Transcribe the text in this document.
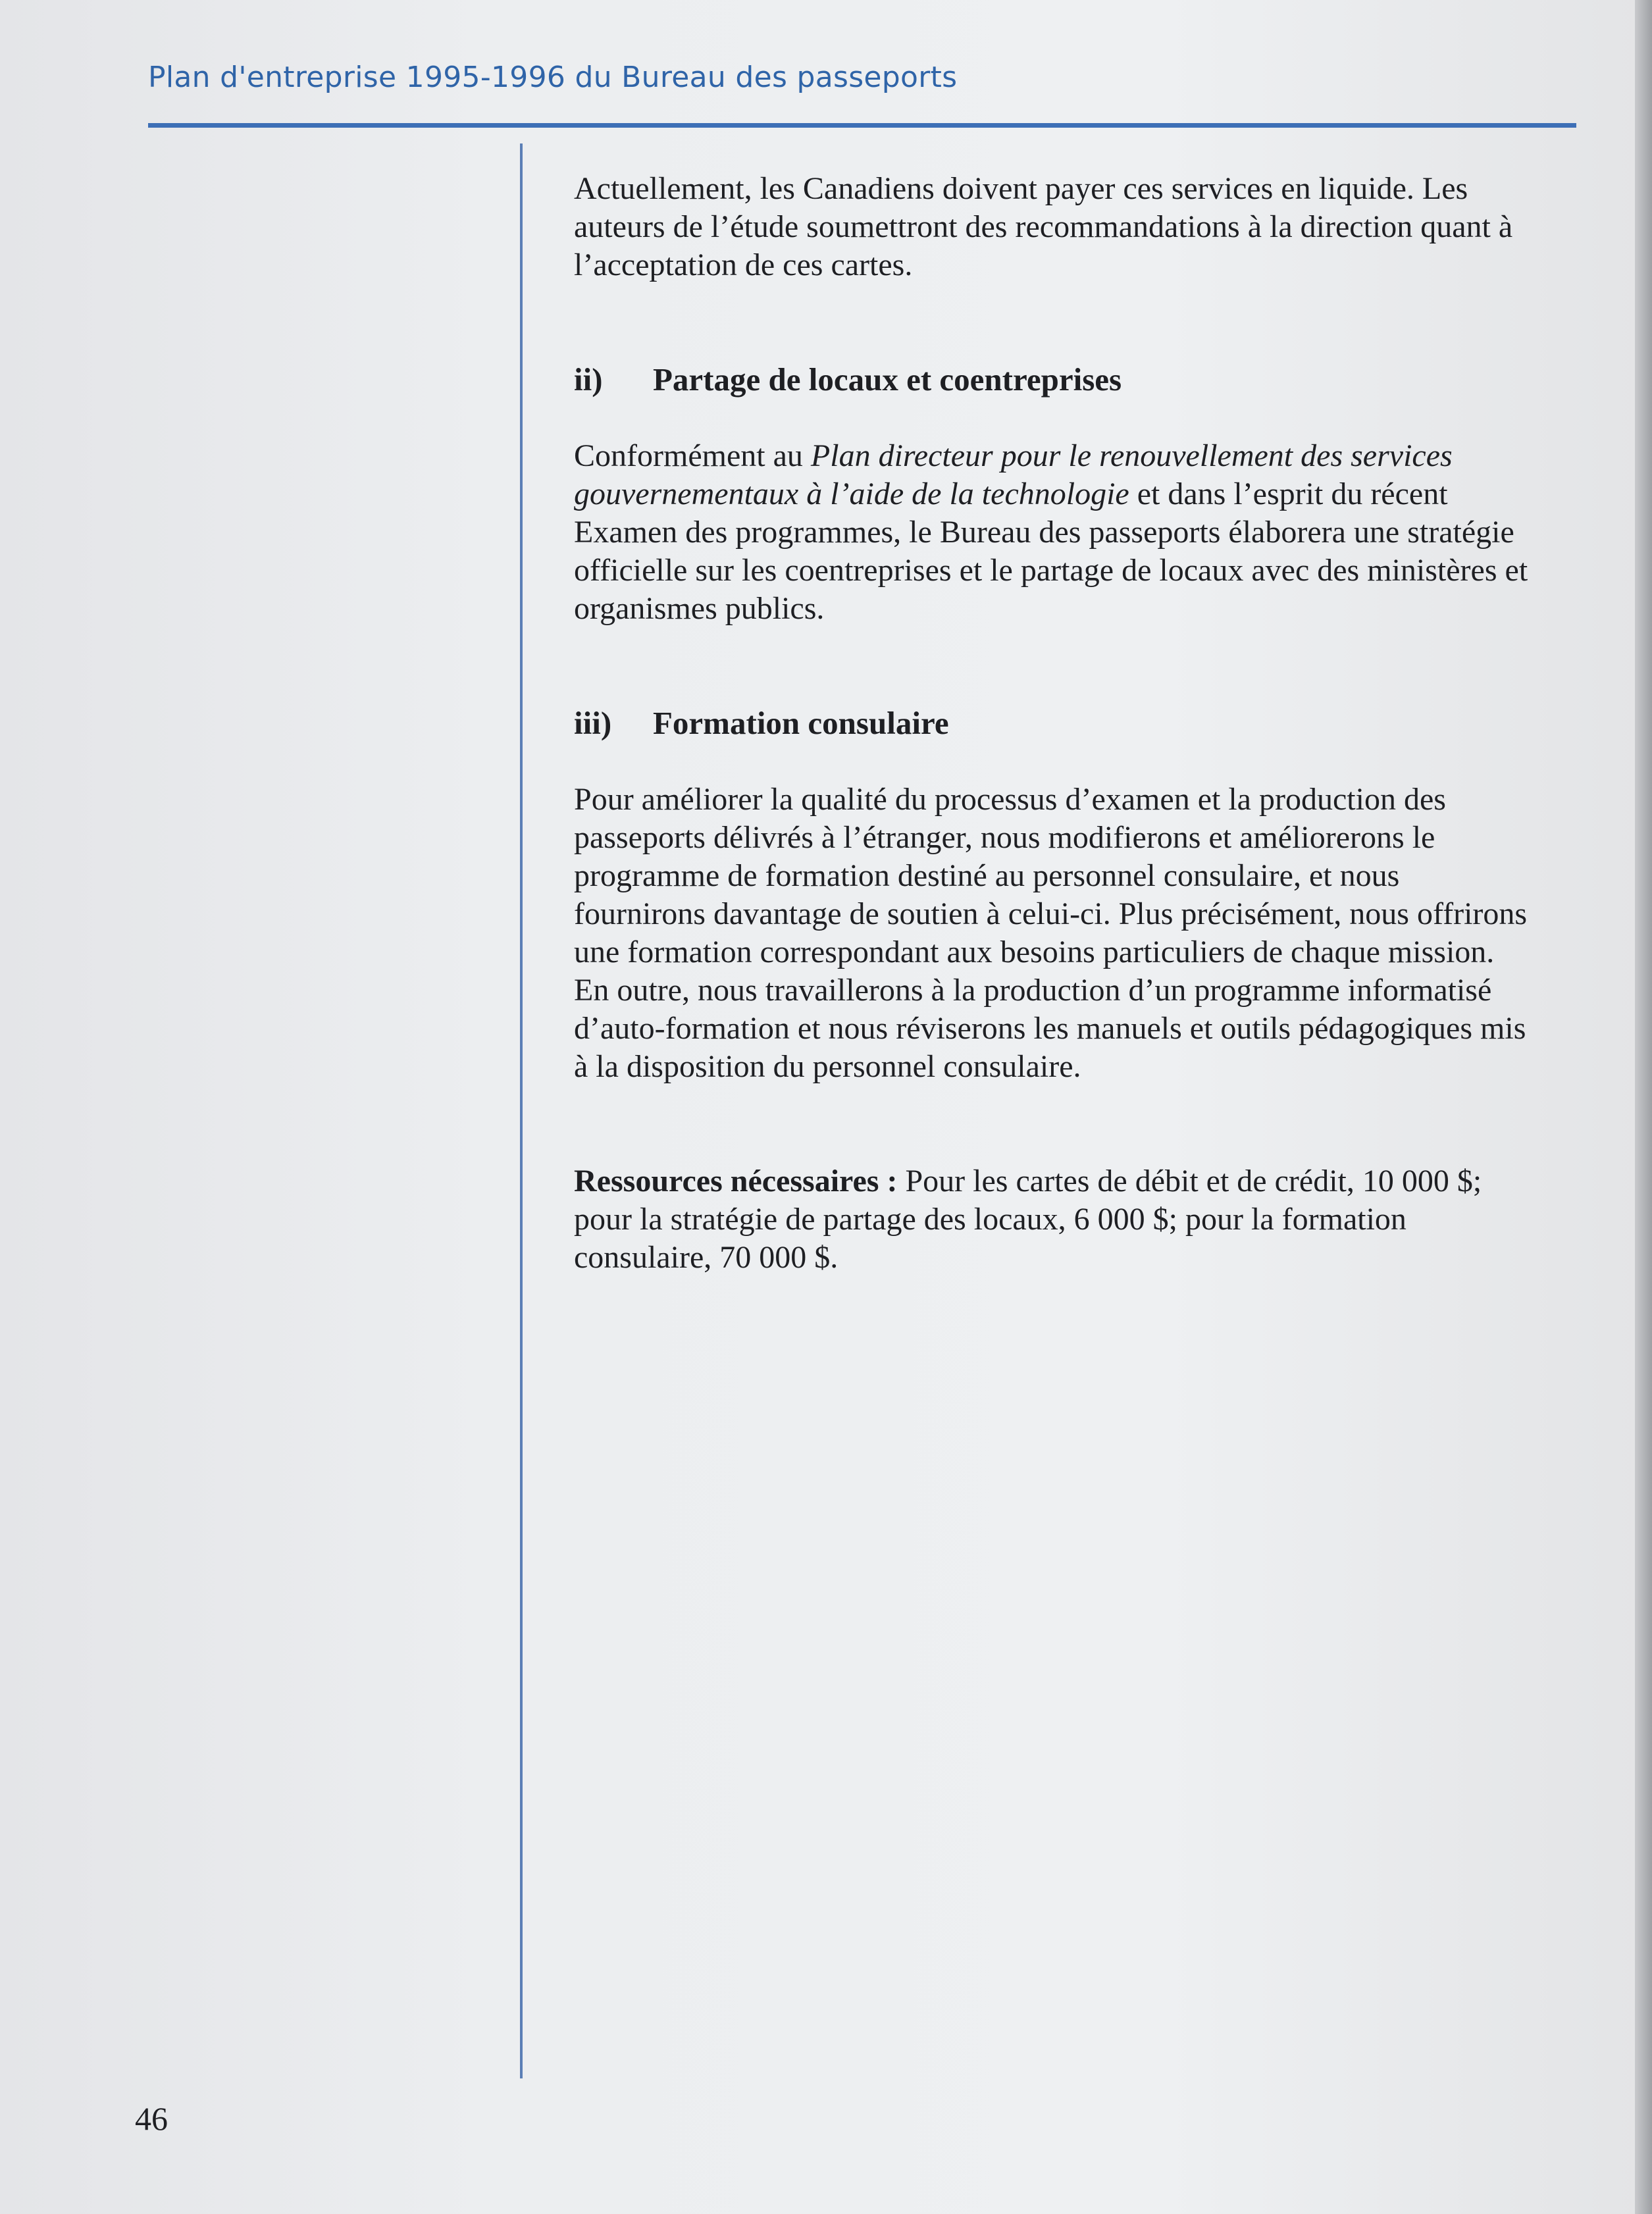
Plan d'entreprise 1995-1996 du Bureau des passeports

Actuellement, les Canadiens doivent payer ces services en liquide. Les auteurs de l’étude soumettront des recommandations à la direction quant à l’acceptation de ces cartes.

ii)	Partage de locaux et coentreprises

Conformément au Plan directeur pour le renouvellement des services gouvernementaux à l’aide de la technologie et dans l’esprit du récent Examen des programmes, le Bureau des passeports élaborera une stratégie officielle sur les coentreprises et le partage de locaux avec des ministères et organismes publics.

iii)	Formation consulaire

Pour améliorer la qualité du processus d’examen et la production des passeports délivrés à l’étranger, nous modifierons et améliorerons le programme de formation destiné au personnel consulaire, et nous fournirons davantage de soutien à celui-ci. Plus précisément, nous offrirons une formation correspondant aux besoins particuliers de chaque mission. En outre, nous travaillerons à la production d’un programme informatisé d’auto-formation et nous réviserons les manuels et outils pédagogiques mis à la disposition du personnel consulaire.

Ressources nécessaires : Pour les cartes de débit et de crédit, 10 000 $; pour la stratégie de partage des locaux, 6 000 $; pour la formation consulaire, 70 000 $.

46
